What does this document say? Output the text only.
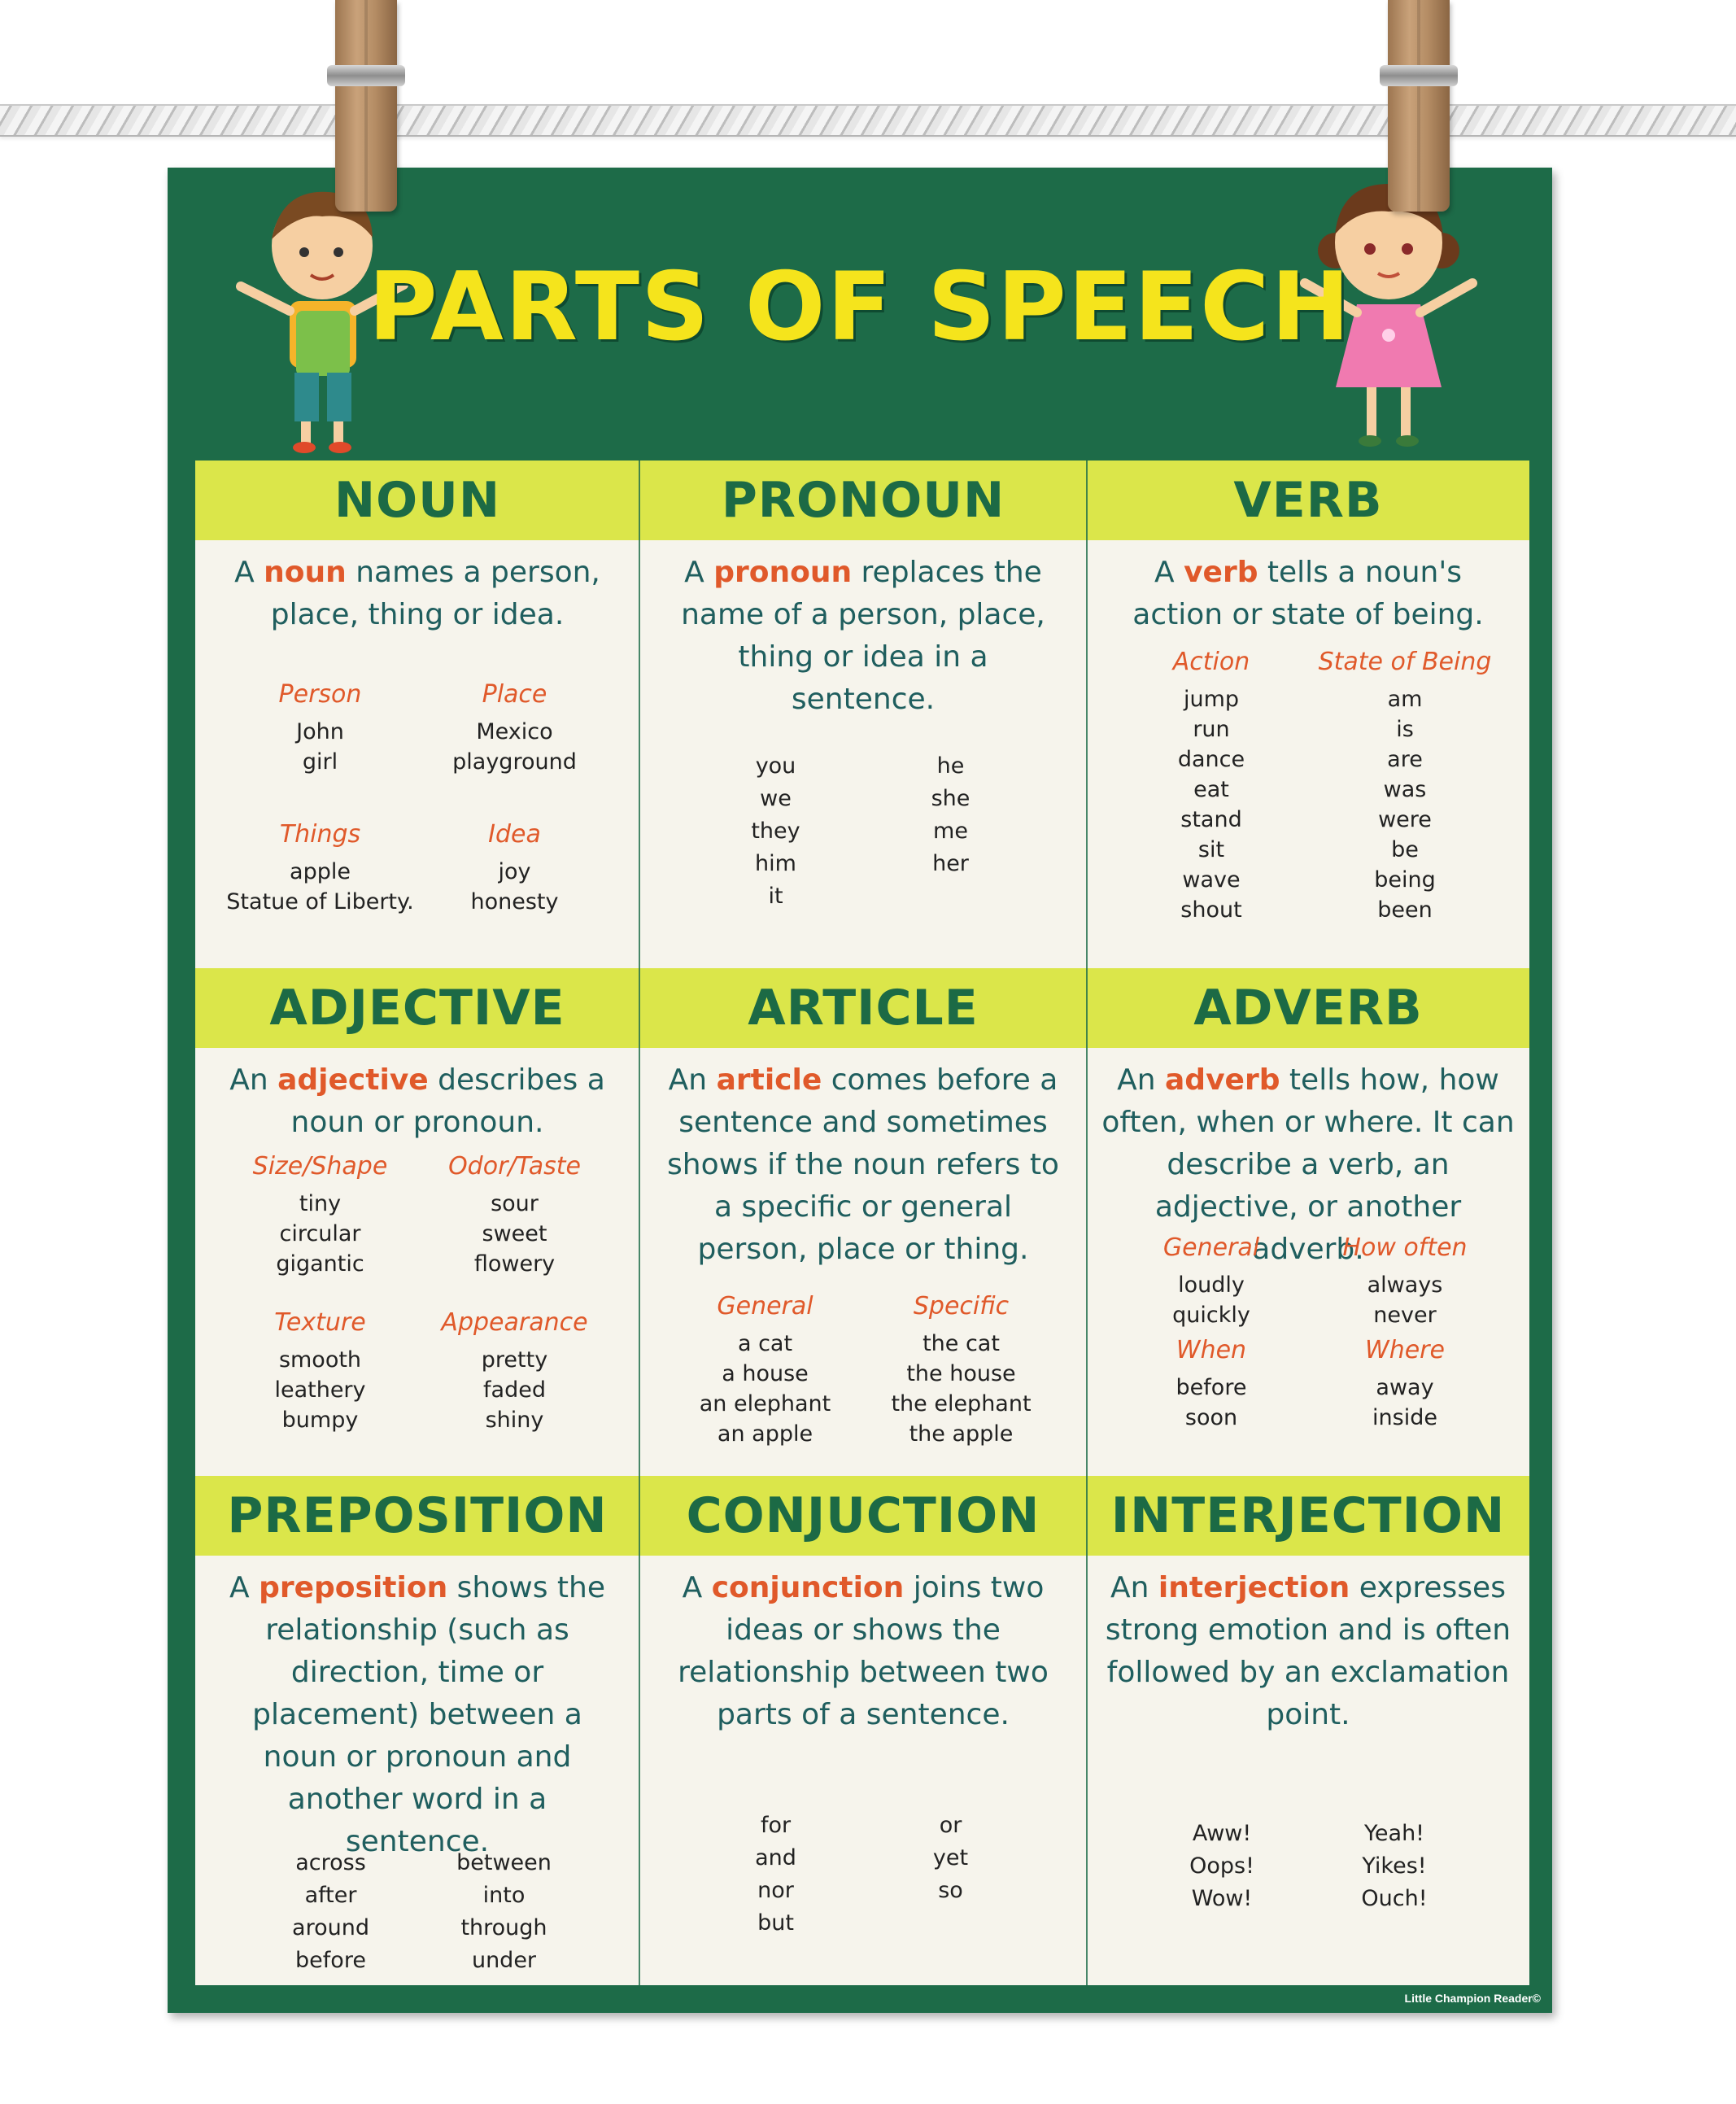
PARTS OF SPEECH
NOUN
A noun names a person, place, thing or idea.
Person
John
girl
Place
Mexico
playground
Things
apple
Statue of Liberty.
Idea
joy
honesty
PRONOUN
A pronoun replaces the name of a person, place, thing or idea in a sentence.
you
we
they
him
it
he
she
me
her
VERB
A verb tells a noun's action or state of being.
Action
jump
run
dance
eat
stand
sit
wave
shout
State of Being
am
is
are
was
were
be
being
been
ADJECTIVE
An adjective describes a noun or pronoun.
Size/Shape
tiny
circular
gigantic
Odor/Taste
sour
sweet
flowery
Texture
smooth
leathery
bumpy
Appearance
pretty
faded
shiny
ARTICLE
An article comes before a sentence and sometimes shows if the noun refers to a specific or general person, place or thing.
General
a cat
a house
an elephant
an apple
Specific
the cat
the house
the elephant
the apple
ADVERB
An adverb tells how, how often, when or where. It can describe a verb, an adjective, or another adverb.
General
loudly
quickly
How often
always
never
When
before
soon
Where
away
inside
PREPOSITION
A preposition shows the relationship (such as direction, time or placement) between a noun or pronoun and another word in a sentence.
across
after
around
before
between
into
through
under
CONJUCTION
A conjunction joins two ideas or shows the relationship between two parts of a sentence.
for
and
nor
but
or
yet
so
INTERJECTION
An interjection expresses strong emotion and is often followed by an exclamation point.
Aww!
Oops!
Wow!
Yeah!
Yikes!
Ouch!
Little Champion Reader©
